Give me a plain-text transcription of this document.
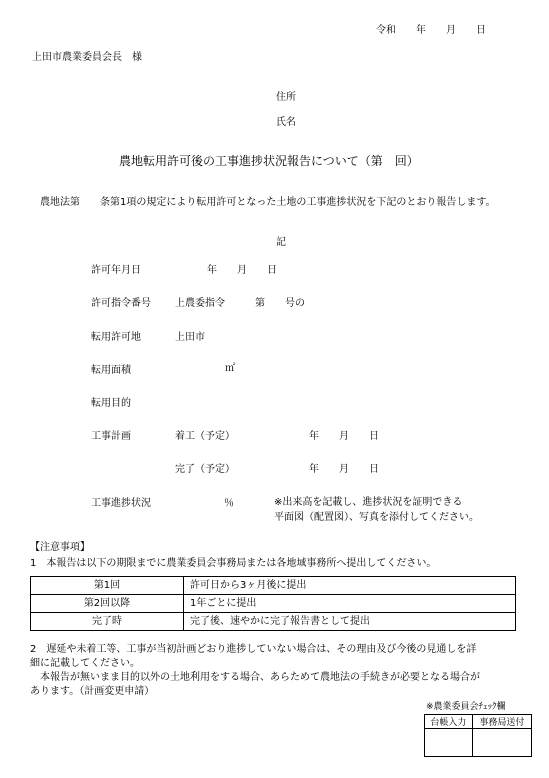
令和　　年　　月　　日
上田市農業委員会長　様
住所
氏名
農地転用許可後の工事進捗状況報告について（第　回）
農地法第　　条第1項の規定により転用許可となった土地の工事進捗状況を下記のとおり報告します。
記
許可年月日	年　　月　　日
許可指令番号 上農委指令　　　第　　号の
転用許可地	上田市
転用面積	㎡
転用目的
工事計画	着工（予定）	年　　月　　日
完了（予定）	年　　月　　日
工事進捗状況	％	※出来高を記載し、進捗状況を証明できる
平面図（配置図）、写真を添付してください。
【注意事項】
1　本報告は以下の期限までに農業委員会事務局または各地域事務所へ提出してください。
第1回	許可日から3ヶ月後に提出
第2回以降	1年ごとに提出
完了時	完了後、速やかに完了報告書として提出
2　遅延や未着工等、工事が当初計画どおり進捗していない場合は、その理由及び今後の見通しを詳
細に記載してください。
　本報告が無いまま目的以外の土地利用をする場合、あらためて農地法の手続きが必要となる場合が
あります。（計画変更申請）
※農業委員会ﾁｪｯｸ欄
台帳入力	事務局送付
